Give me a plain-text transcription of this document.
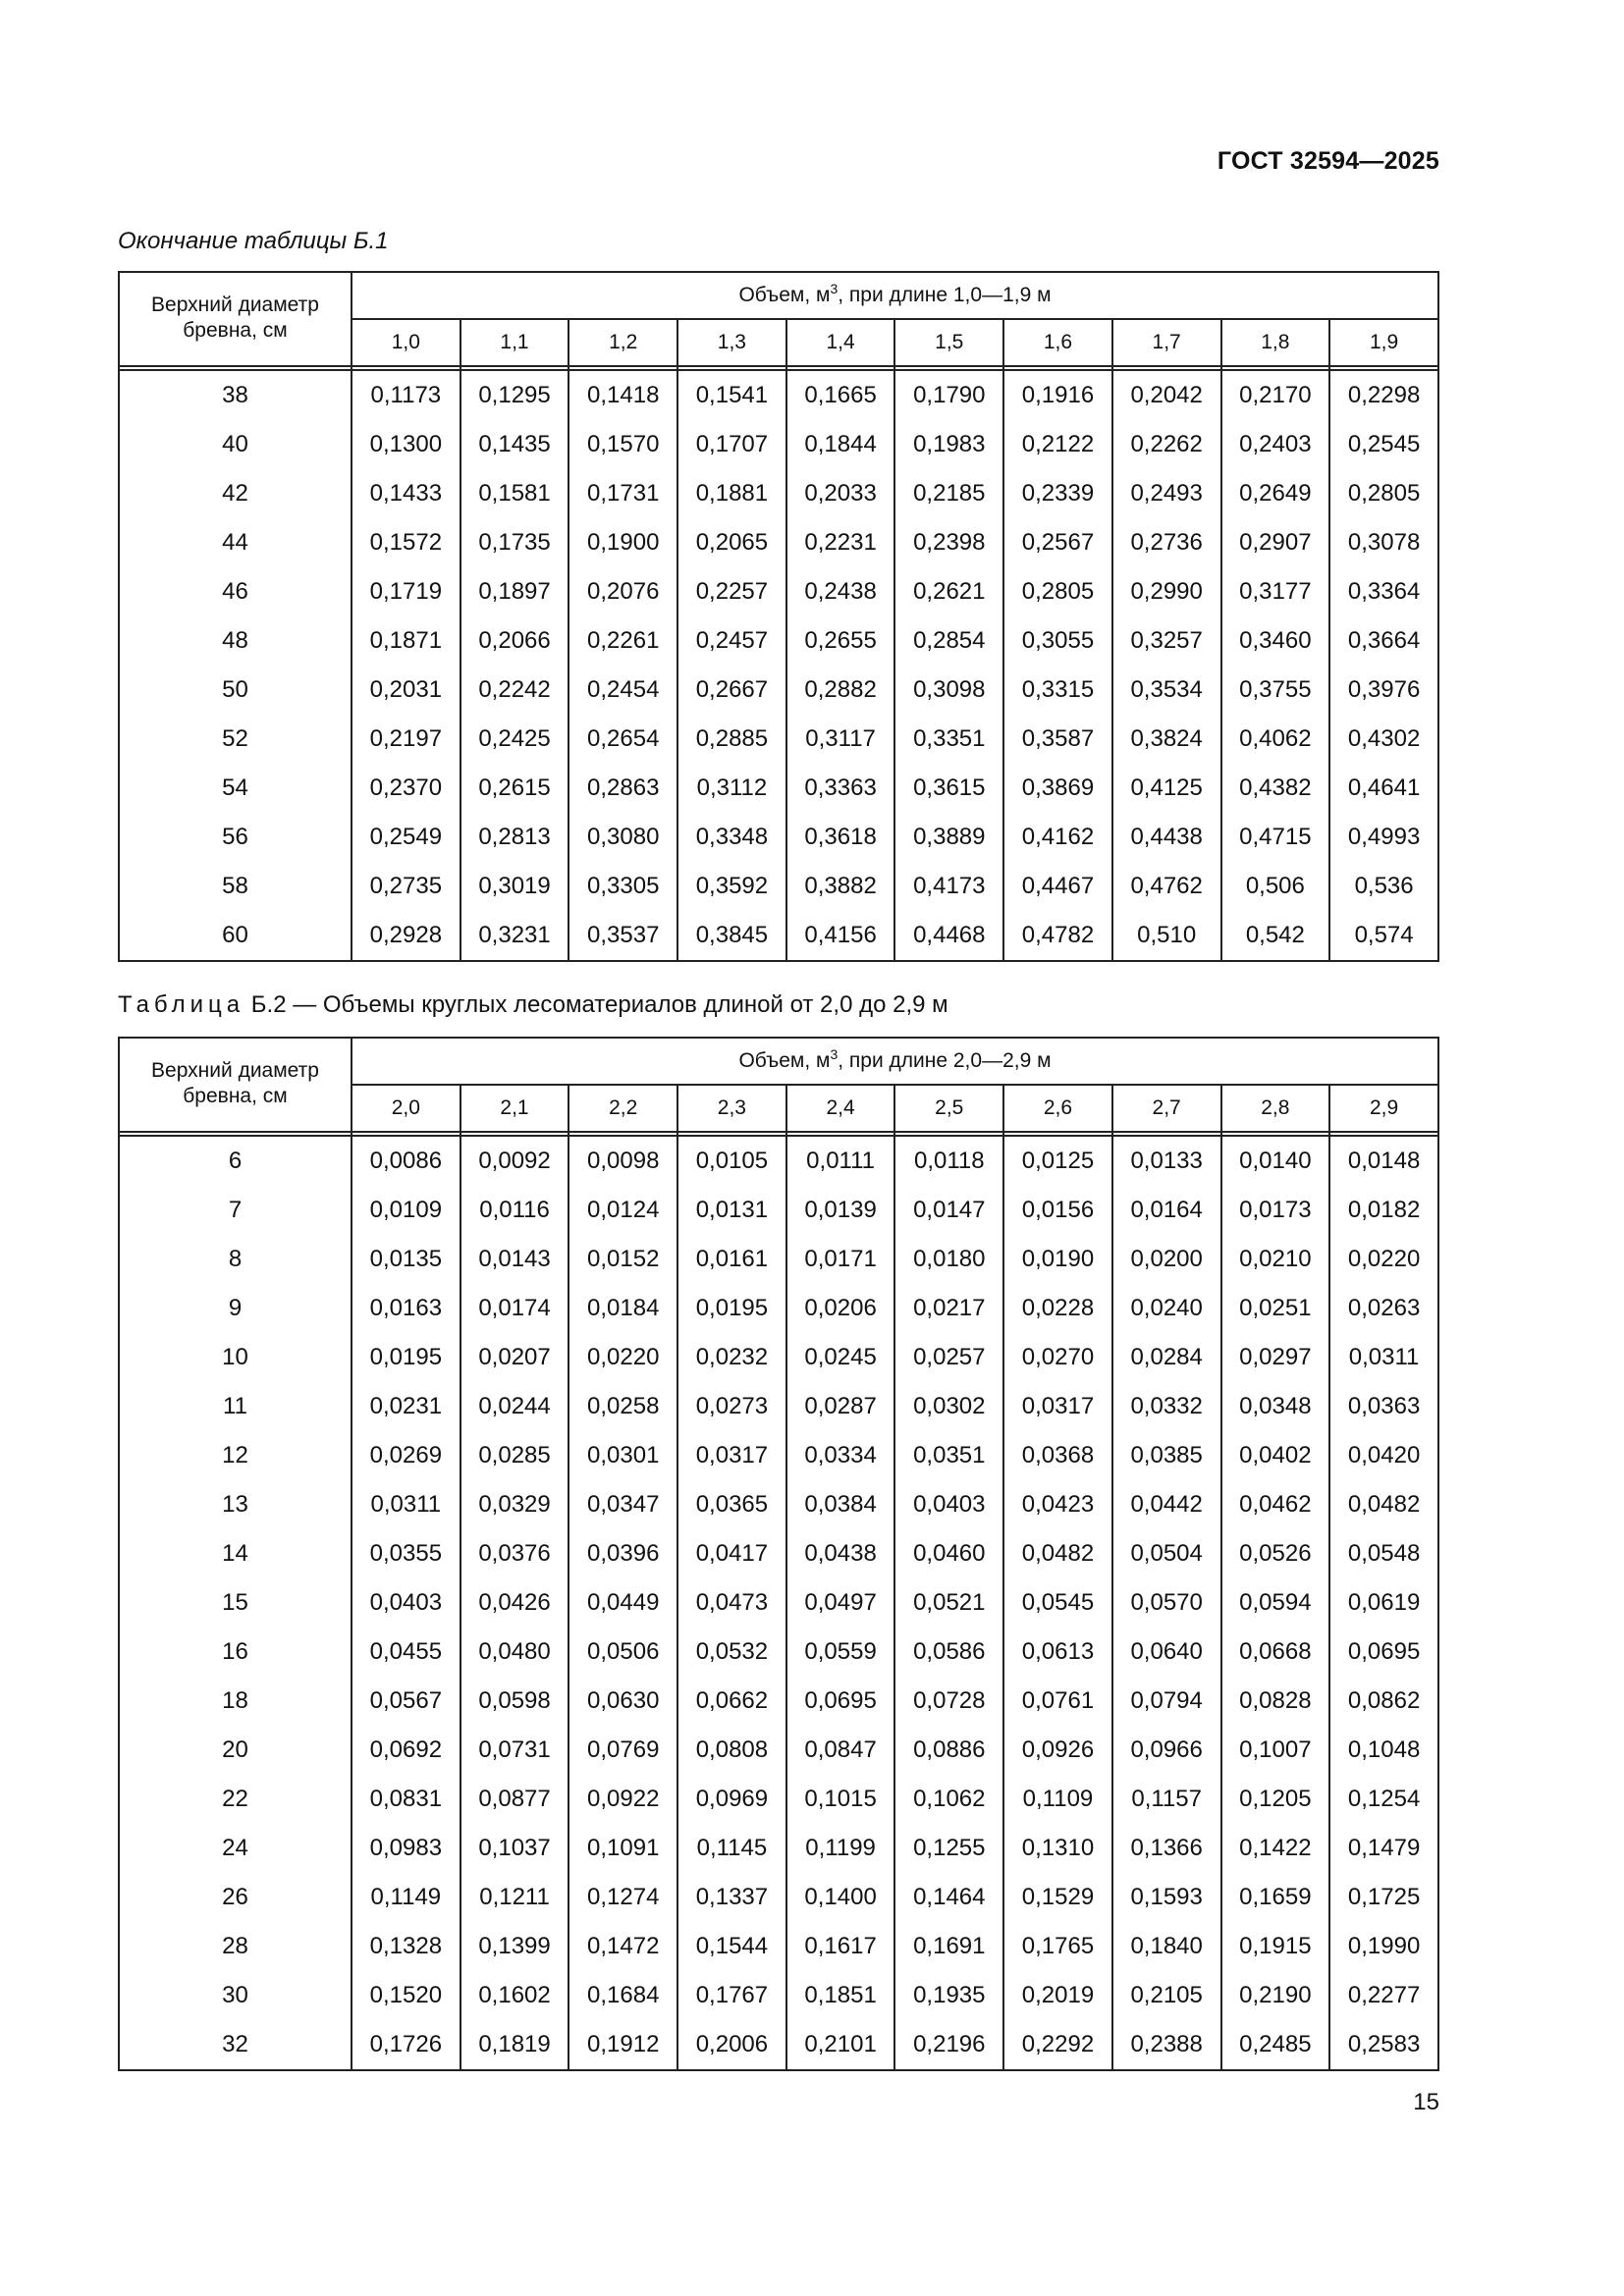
ГОСТ 32594—2025
Окончание таблицы Б.1
Верхний диаметр бревна, см	Объем, $м^3$, при длине 1,0—1,9 м									
	1,0	1,1	1,2	1,3	1,4	1,5	1,6	1,7	1,8	1,9

38	0,1173	0,1295	0,1418	0,1541	0,1665	0,1790	0,1916	0,2042	0,2170	0,2298
40	0,1300	0,1435	0,1570	0,1707	0,1844	0,1983	0,2122	0,2262	0,2403	0,2545
42	0,1433	0,1581	0,1731	0,1881	0,2033	0,2185	0,2339	0,2493	0,2649	0,2805
44	0,1572	0,1735	0,1900	0,2065	0,2231	0,2398	0,2567	0,2736	0,2907	0,3078
46	0,1719	0,1897	0,2076	0,2257	0,2438	0,2621	0,2805	0,2990	0,3177	0,3364
48	0,1871	0,2066	0,2261	0,2457	0,2655	0,2854	0,3055	0,3257	0,3460	0,3664
50	0,2031	0,2242	0,2454	0,2667	0,2882	0,3098	0,3315	0,3534	0,3755	0,3976
52	0,2197	0,2425	0,2654	0,2885	0,3117	0,3351	0,3587	0,3824	0,4062	0,4302
54	0,2370	0,2615	0,2863	0,3112	0,3363	0,3615	0,3869	0,4125	0,4382	0,4641
56	0,2549	0,2813	0,3080	0,3348	0,3618	0,3889	0,4162	0,4438	0,4715	0,4993
58	0,2735	0,3019	0,3305	0,3592	0,3882	0,4173	0,4467	0,4762	0,506	0,536
60	0,2928	0,3231	0,3537	0,3845	0,4156	0,4468	0,4782	0,510	0,542	0,574
Таблица Б.2 — Объемы круглых лесоматериалов длиной от 2,0 до 2,9 м
Верхний диаметр бревна, см	Объем, $м^3$, при длине 2,0—2,9 м									
	2,0	2,1	2,2	2,3	2,4	2,5	2,6	2,7	2,8	2,9

6	0,0086	0,0092	0,0098	0,0105	0,0111	0,0118	0,0125	0,0133	0,0140	0,0148
7	0,0109	0,0116	0,0124	0,0131	0,0139	0,0147	0,0156	0,0164	0,0173	0,0182
8	0,0135	0,0143	0,0152	0,0161	0,0171	0,0180	0,0190	0,0200	0,0210	0,0220
9	0,0163	0,0174	0,0184	0,0195	0,0206	0,0217	0,0228	0,0240	0,0251	0,0263
10	0,0195	0,0207	0,0220	0,0232	0,0245	0,0257	0,0270	0,0284	0,0297	0,0311
11	0,0231	0,0244	0,0258	0,0273	0,0287	0,0302	0,0317	0,0332	0,0348	0,0363
12	0,0269	0,0285	0,0301	0,0317	0,0334	0,0351	0,0368	0,0385	0,0402	0,0420
13	0,0311	0,0329	0,0347	0,0365	0,0384	0,0403	0,0423	0,0442	0,0462	0,0482
14	0,0355	0,0376	0,0396	0,0417	0,0438	0,0460	0,0482	0,0504	0,0526	0,0548
15	0,0403	0,0426	0,0449	0,0473	0,0497	0,0521	0,0545	0,0570	0,0594	0,0619
16	0,0455	0,0480	0,0506	0,0532	0,0559	0,0586	0,0613	0,0640	0,0668	0,0695
18	0,0567	0,0598	0,0630	0,0662	0,0695	0,0728	0,0761	0,0794	0,0828	0,0862
20	0,0692	0,0731	0,0769	0,0808	0,0847	0,0886	0,0926	0,0966	0,1007	0,1048
22	0,0831	0,0877	0,0922	0,0969	0,1015	0,1062	0,1109	0,1157	0,1205	0,1254
24	0,0983	0,1037	0,1091	0,1145	0,1199	0,1255	0,1310	0,1366	0,1422	0,1479
26	0,1149	0,1211	0,1274	0,1337	0,1400	0,1464	0,1529	0,1593	0,1659	0,1725
28	0,1328	0,1399	0,1472	0,1544	0,1617	0,1691	0,1765	0,1840	0,1915	0,1990
30	0,1520	0,1602	0,1684	0,1767	0,1851	0,1935	0,2019	0,2105	0,2190	0,2277
32	0,1726	0,1819	0,1912	0,2006	0,2101	0,2196	0,2292	0,2388	0,2485	0,2583
15
